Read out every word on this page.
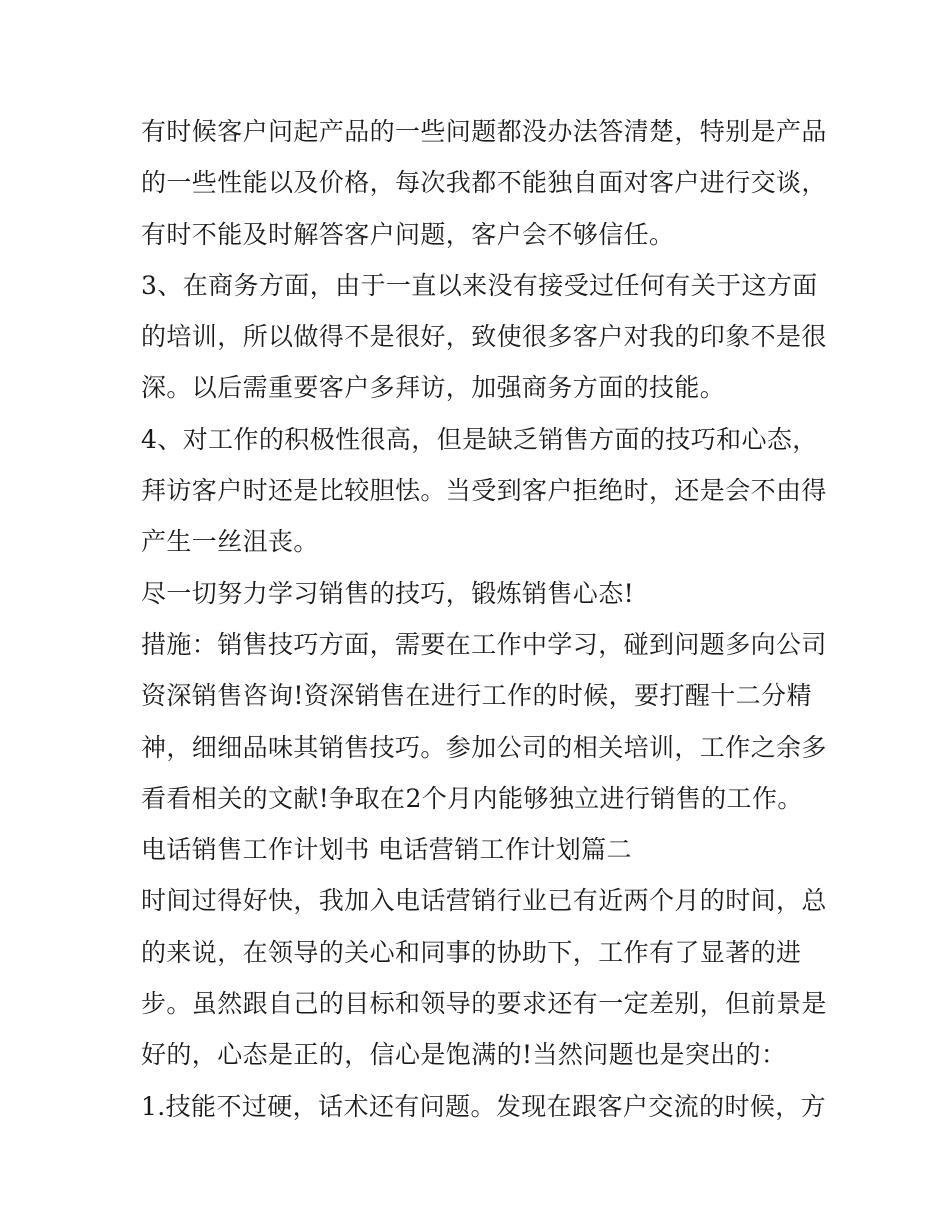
有时候客户问起产品的一些问题都没办法答清楚，特别是产品
的一些性能以及价格，每次我都不能独自面对客户进行交谈，
有时不能及时解答客户问题，客户会不够信任。
3、在商务方面，由于一直以来没有接受过任何有关于这方面
的培训，所以做得不是很好，致使很多客户对我的印象不是很
深。以后需重要客户多拜访，加强商务方面的技能。
4、对工作的积极性很高，但是缺乏销售方面的技巧和心态，
拜访客户时还是比较胆怯。当受到客户拒绝时，还是会不由得
产生一丝沮丧。
尽一切努力学习销售的技巧，锻炼销售心态!
措施：销售技巧方面，需要在工作中学习，碰到问题多向公司
资深销售咨询!资深销售在进行工作的时候，要打醒十二分精
神，细细品味其销售技巧。参加公司的相关培训，工作之余多
看看相关的文献!争取在2个月内能够独立进行销售的工作。
电话销售工作计划书 电话营销工作计划篇二
时间过得好快，我加入电话营销行业已有近两个月的时间，总
的来说，在领导的关心和同事的协助下，工作有了显著的进
步。虽然跟自己的目标和领导的要求还有一定差别，但前景是
好的，心态是正的，信心是饱满的!当然问题也是突出的：
1.技能不过硬，话术还有问题。发现在跟客户交流的时候，方
